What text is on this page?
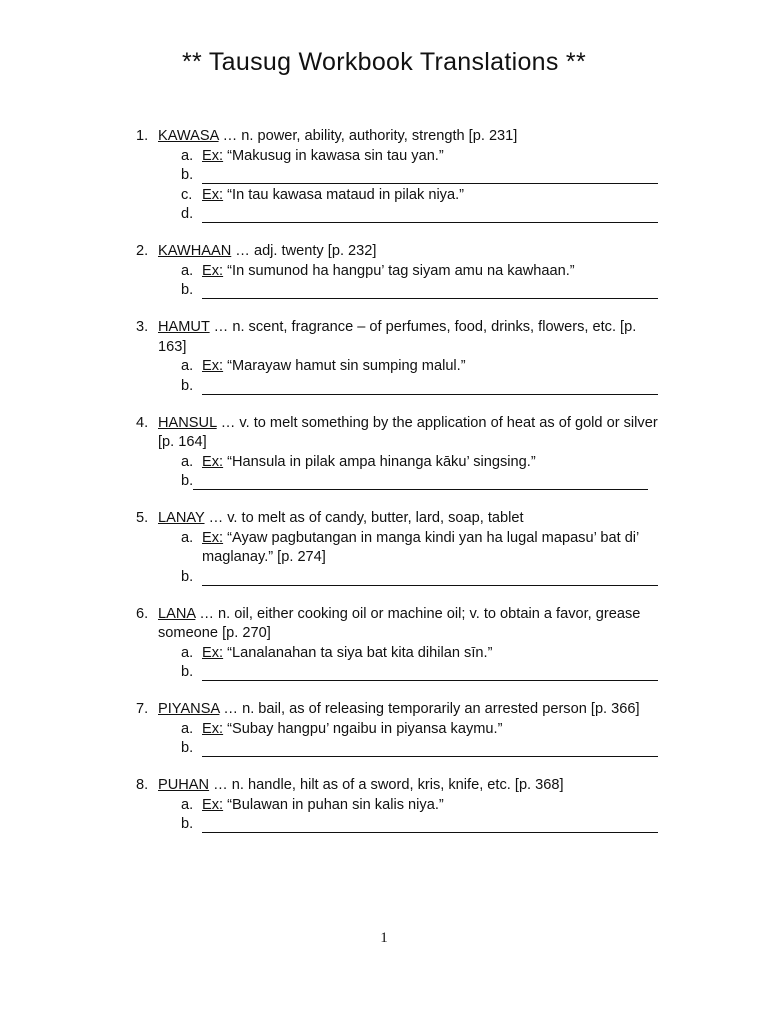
** Tausug Workbook Translations **
1. KAWASA … n. power, ability, authority, strength [p. 231]
a. Ex: “Makusug in kawasa sin tau yan.”
b.
c. Ex: “In tau kawasa mataud in pilak niya.”
d.
2. KAWHAAN … adj. twenty [p. 232]
a. Ex: “In sumunod ha hangpu’ tag siyam amu na kawhaan.”
b.
3. HAMUT … n. scent, fragrance – of perfumes, food, drinks, flowers, etc. [p. 163]
a. Ex: “Marayaw hamut sin sumping malul.”
b.
4. HANSUL … v. to melt something by the application of heat as of gold or silver [p. 164]
a. Ex: “Hansula in pilak ampa hinanga kāku’ singsing.”
b.
5. LANAY … v. to melt as of candy, butter, lard, soap, tablet
a. Ex: “Ayaw pagbutangan in manga kindi yan ha lugal mapasu’ bat di’ maglanay.” [p. 274]
b.
6. LANA … n. oil, either cooking oil or machine oil; v. to obtain a favor, grease someone [p. 270]
a. Ex: “Lanalanahan ta siya bat kita dihilan sīn.”
b.
7. PIYANSA … n. bail, as of releasing temporarily an arrested person [p. 366]
a. Ex: “Subay hangpu’ ngaibu in piyansa kaymu.”
b.
8. PUHAN … n. handle, hilt as of a sword, kris, knife, etc. [p. 368]
a. Ex: “Bulawan in puhan sin kalis niya.”
b.
1
